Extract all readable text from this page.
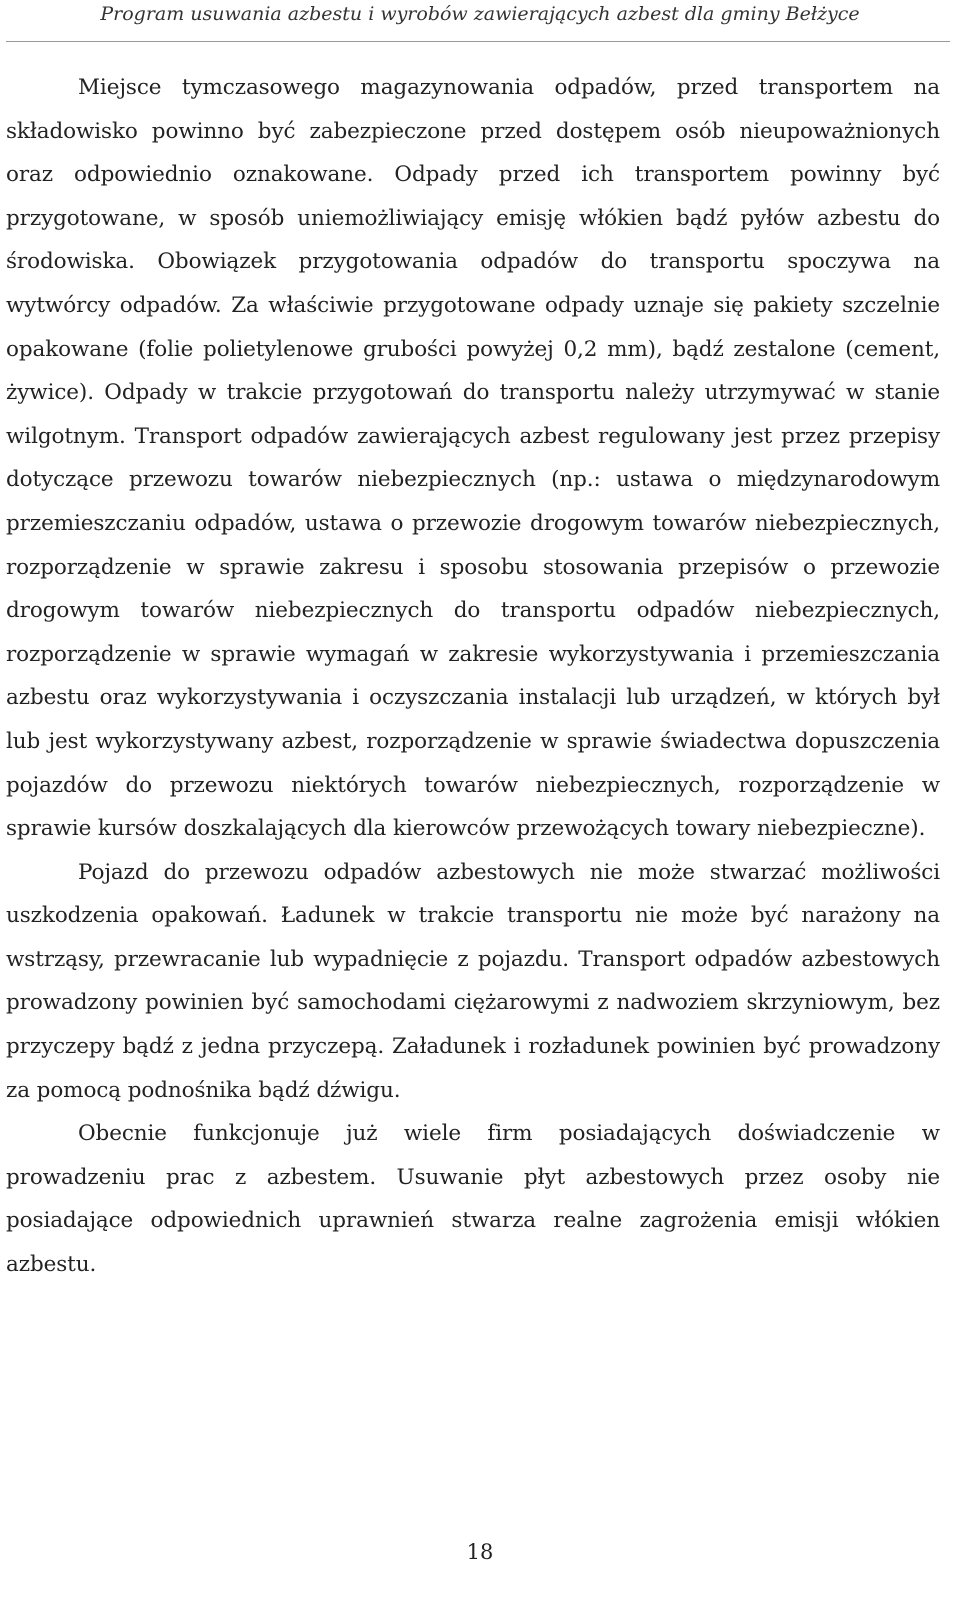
Program usuwania azbestu i wyrobów zawierających azbest dla gminy Bełżyce

Miejsce tymczasowego magazynowania odpadów, przed transportem na składowisko powinno być zabezpieczone przed dostępem osób nieupoważnionych oraz odpowiednio oznakowane. Odpady przed ich transportem powinny być przygotowane, w sposób uniemożliwiający emisję włókien bądź pyłów azbestu do środowiska. Obowiązek przygotowania odpadów do transportu spoczywa na wytwórcy odpadów. Za właściwie przygotowane odpady uznaje się pakiety szczelnie opakowane (folie polietylenowe grubości powyżej 0,2 mm), bądź zestalone (cement, żywice). Odpady w trakcie przygotowań do transportu należy utrzymywać w stanie wilgotnym. Transport odpadów zawierających azbest regulowany jest przez przepisy dotyczące przewozu towarów niebezpiecznych (np.: ustawa o międzynarodowym przemieszczaniu odpadów, ustawa o przewozie drogowym towarów niebezpiecznych, rozporządzenie w sprawie zakresu i sposobu stosowania przepisów o przewozie drogowym towarów niebezpiecznych do transportu odpadów niebezpiecznych, rozporządzenie w sprawie wymagań w zakresie wykorzystywania i przemieszczania azbestu oraz wykorzystywania i oczyszczania instalacji lub urządzeń, w których był lub jest wykorzystywany azbest, rozporządzenie w sprawie świadectwa dopuszczenia pojazdów do przewozu niektórych towarów niebezpiecznych, rozporządzenie w sprawie kursów doszkalających dla kierowców przewożących towary niebezpieczne).

Pojazd do przewozu odpadów azbestowych nie może stwarzać możliwości uszkodzenia opakowań. Ładunek w trakcie transportu nie może być narażony na wstrząsy, przewracanie lub wypadnięcie z pojazdu. Transport odpadów azbestowych prowadzony powinien być samochodami ciężarowymi z nadwoziem skrzyniowym, bez przyczepy bądź z jedna przyczepą. Załadunek i rozładunek powinien być prowadzony za pomocą podnośnika bądź dźwigu.

Obecnie funkcjonuje już wiele firm posiadających doświadczenie w prowadzeniu prac z azbestem. Usuwanie płyt azbestowych przez osoby nie posiadające odpowiednich uprawnień stwarza realne zagrożenia emisji włókien azbestu.

18
